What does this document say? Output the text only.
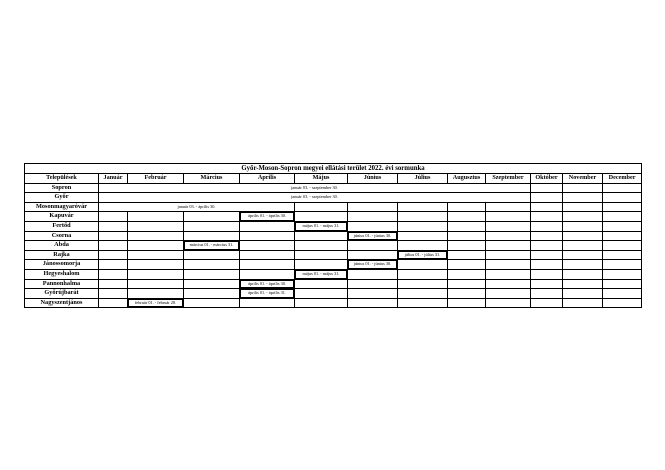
Győr-Moson-Sopron megyei ellátási terület 2022. évi sormunka												
Települések	Január	Február	Március	Április	Május	Június	Július	Augusztus	Szeptember	Október	November	December
Sopron	január 03. - szeptember 30.											
Győr	január 03. - szeptember 30.											
Mosonmagyaróvár	január 03. - április 30.											
Kapuvár				április 01. - április 30.								
Fertőd					május 01. - május 31.							
Csorna						június 01. - június 30.						
Abda			március 01. - március 31.									
Rajka							július 01. - július 31.					
Jánossomorja						június 01. - június 30.						
Hegyeshalom					május 01. - május 31.							
Pannonhalma				április 01. - április 30.								
Győrújbarát				április 01. - április 31.								
Nagyszentjános		február 01. - február 28.										
